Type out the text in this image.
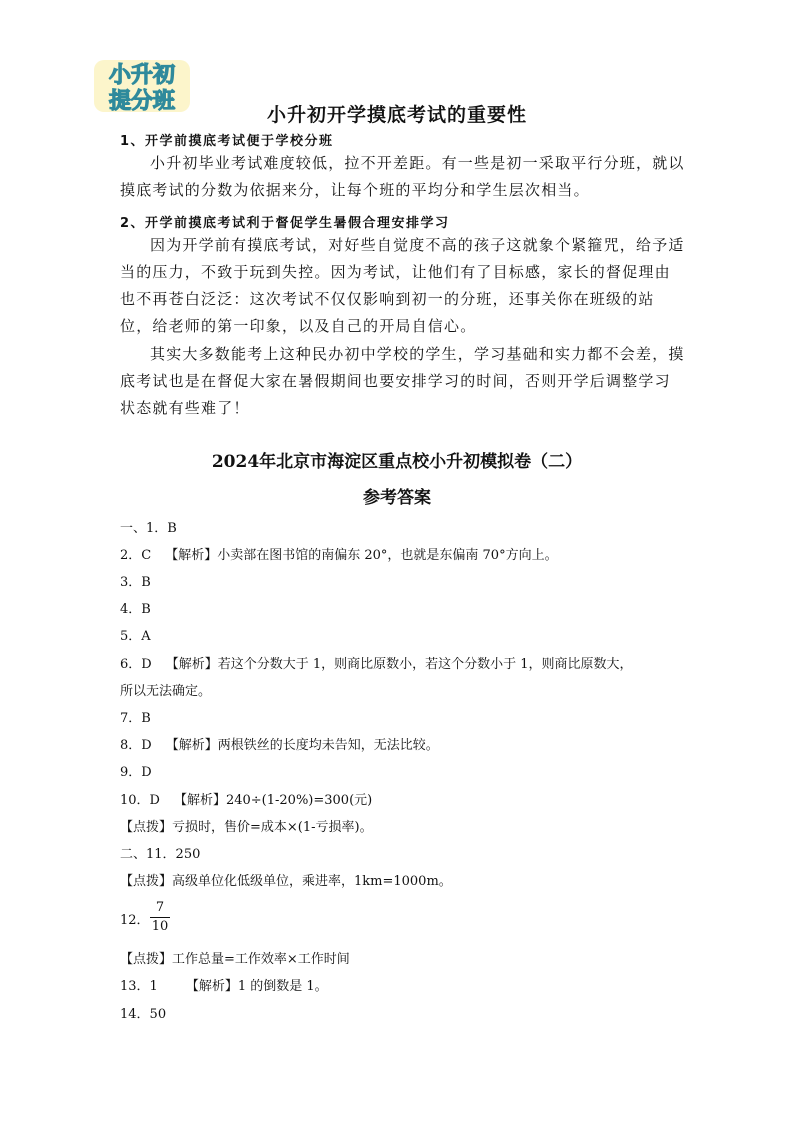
小升初
提分班
小升初开学摸底考试的重要性
1、开学前摸底考试便于学校分班

小升初毕业考试难度较低，拉不开差距。有一些是初一采取平行分班，就以摸底考试的分数为依据来分，让每个班的平均分和学生层次相当。

2、开学前摸底考试利于督促学生暑假合理安排学习

因为开学前有摸底考试，对好些自觉度不高的孩子这就象个紧箍咒，给予适当的压力，不致于玩到失控。因为考试，让他们有了目标感，家长的督促理由也不再苍白泛泛：这次考试不仅仅影响到初一的分班，还事关你在班级的站位，给老师的第一印象，以及自己的开局自信心。

其实大多数能考上这种民办初中学校的学生，学习基础和实力都不会差，摸底考试也是在督促大家在暑假期间也要安排学习的时间，否则开学后调整学习状态就有些难了！

2024年北京市海淀区重点校小升初模拟卷（二）
参考答案
一、1．B
2．C 【解析】小卖部在图书馆的南偏东 20°，也就是东偏南 70°方向上。
3．B
4．B
5．A
6．D 【解析】若这个分数大于 1，则商比原数小，若这个分数小于 1，则商比原数大，
所以无法确定。
7．B
8．D 【解析】两根铁丝的长度均未告知，无法比较。
9．D
10．D 【解析】240÷(1-20%)=300(元)
【点拨】亏损时，售价=成本×(1-亏损率)。
二、11．250
【点拨】高级单位化低级单位，乘进率，1km=1000m。
12．
7
10
【点拨】工作总量=工作效率×工作时间
13．1 【解析】1 的倒数是 1。
14．50
